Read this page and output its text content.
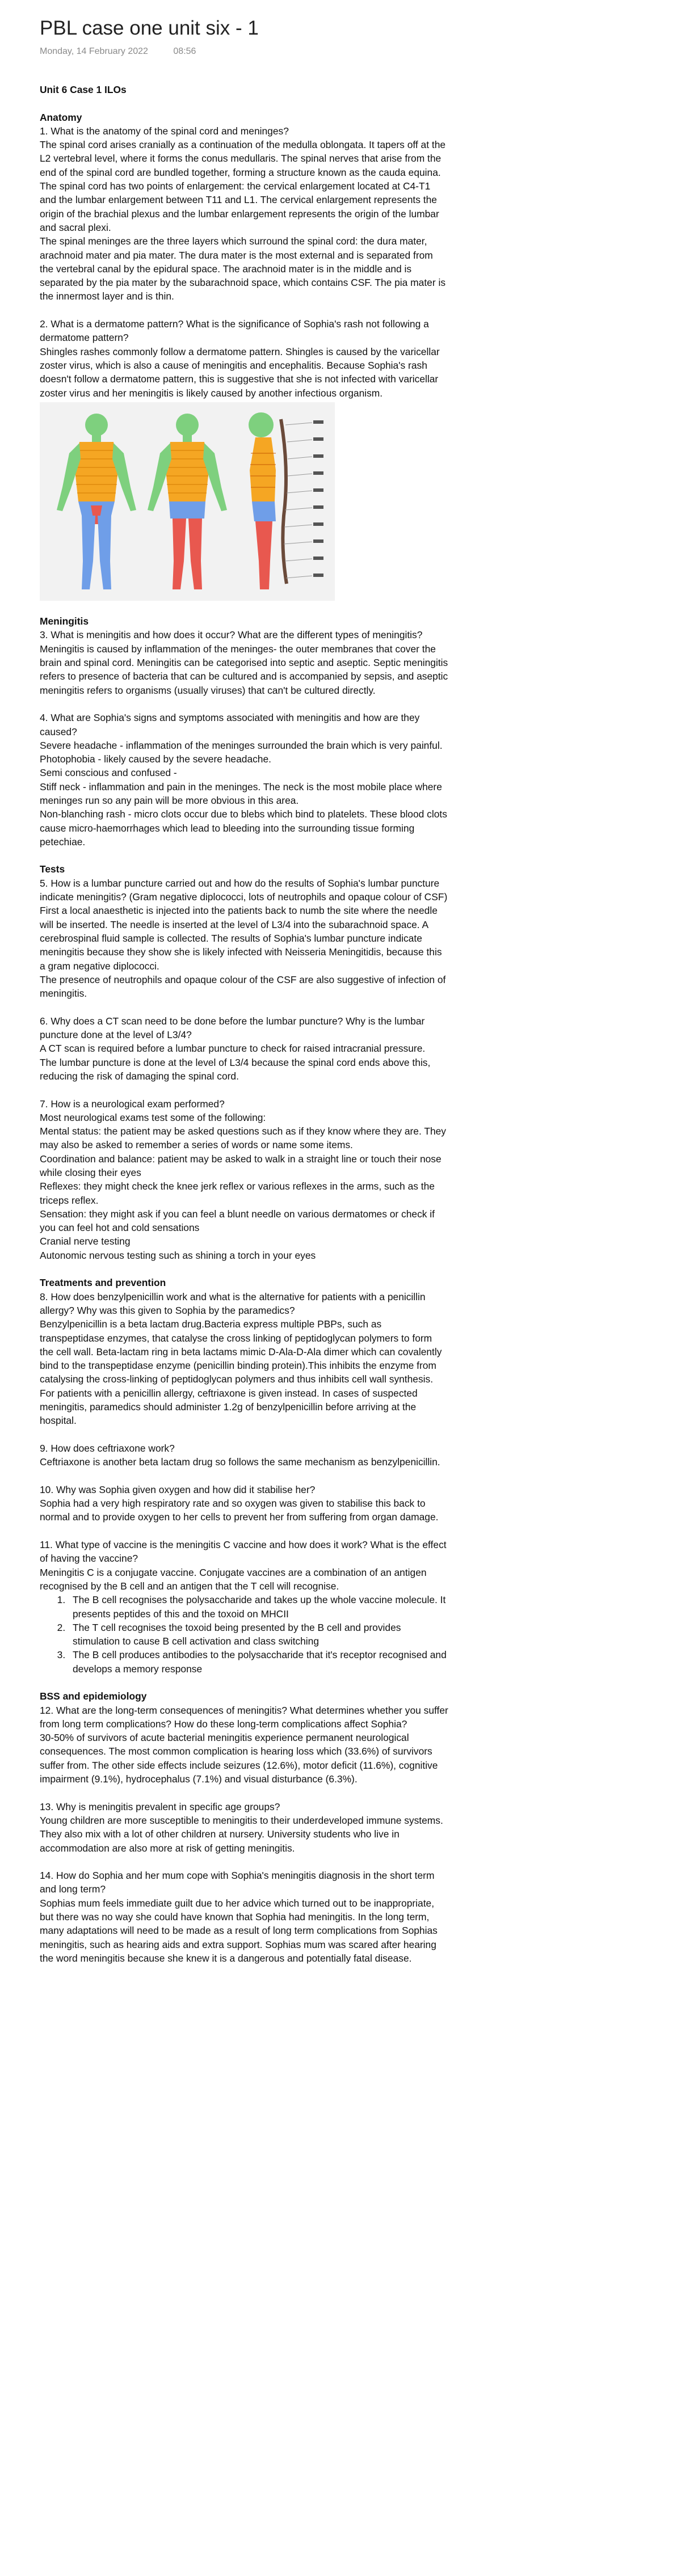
PBL case one unit six - 1
Monday, 14 February 2022	08:56

Unit 6 Case 1 ILOs

Anatomy

1. What is the anatomy of the spinal cord and meninges?

The spinal cord arises cranially as a continuation of the medulla oblongata. It tapers off at the L2 vertebral level, where it forms the conus medullaris. The spinal nerves that arise from the end of the spinal cord are bundled together, forming a structure known as the cauda equina. The spinal cord has two points of enlargement: the cervical enlargement located at C4-T1 and the lumbar enlargement between T11 and L1. The cervical enlargement represents the origin of the brachial plexus and the lumbar enlargement represents the origin of the lumbar and sacral plexi.

The spinal meninges are the three layers which surround the spinal cord: the dura mater, arachnoid mater and pia mater. The dura mater is the most external and is separated from the vertebral canal by the epidural space. The arachnoid mater is in the middle and is separated by the pia mater by the subarachnoid space, which contains CSF. The pia mater is the innermost layer and is thin.

2. What is a dermatome pattern? What is the significance of Sophia's rash not following a dermatome pattern?

Shingles rashes commonly follow a dermatome pattern. Shingles is caused by the varicellar zoster virus, which is also a cause of meningitis and encephalitis. Because Sophia's rash doesn't follow a dermatome pattern, this is suggestive that she is not infected with varicellar zoster virus and her meningitis is likely caused by another infectious organism.

Meningitis

3. What is meningitis and how does it occur? What are the different types of meningitis?

Meningitis is caused by inflammation of the meninges- the outer membranes that cover the brain and spinal cord. Meningitis can be categorised into septic and aseptic. Septic meningitis refers to presence of bacteria that can be cultured and is accompanied by sepsis, and aseptic meningitis refers to organisms (usually viruses) that can't be cultured directly.

4. What are Sophia's signs and symptoms associated with meningitis and how are they caused?

Severe headache - inflammation of the meninges surrounded the brain which is very painful.

Photophobia - likely caused by the severe headache.

Semi conscious and confused -

Stiff neck - inflammation and pain in the meninges. The neck is the most mobile place where meninges run so any pain will be more obvious in this area.

Non-blanching rash - micro clots occur due to blebs which bind to platelets. These blood clots cause micro-haemorrhages which lead to bleeding into the surrounding tissue forming petechiae.

Tests

5. How is a lumbar puncture carried out and how do the results of Sophia's lumbar puncture indicate meningitis? (Gram negative diplococci, lots of neutrophils and opaque colour of CSF)

First a local anaesthetic is injected into the patients back to numb the site where the needle will be inserted. The needle is inserted at the level of L3/4 into the subarachnoid space. A cerebrospinal fluid sample is collected. The results of Sophia's lumbar puncture indicate meningitis because they show she is likely infected with Neisseria Meningitidis, because this a gram negative diplococci.

The presence of neutrophils and opaque colour of the CSF are also suggestive of infection of meningitis.

6. Why does a CT scan need to be done before the lumbar puncture? Why is the lumbar puncture done at the level of L3/4?

A CT scan is required before a lumbar puncture to check for raised intracranial pressure.

The lumbar puncture is done at the level of L3/4 because the spinal cord ends above this, reducing the risk of damaging the spinal cord.

7. How is a neurological exam performed?

Most neurological exams test some of the following:

Mental status: the patient may be asked questions such as if they know where they are. They may also be asked to remember a series of words or name some items.

Coordination and balance: patient may be asked to walk in a straight line or touch their nose while closing their eyes

Reflexes: they might check the knee jerk reflex or various reflexes in the arms, such as the triceps reflex.

Sensation: they might ask if you can feel a blunt needle on various dermatomes or check if you can feel hot and cold sensations

Cranial nerve testing

Autonomic nervous testing such as shining a torch in your eyes

Treatments and prevention

8. How does benzylpenicillin work and what is the alternative for patients with a penicillin allergy? Why was this given to Sophia by the paramedics?

Benzylpenicillin is a beta lactam drug.Bacteria express multiple PBPs, such as transpeptidase enzymes, that catalyse the cross linking of peptidoglycan polymers to form the cell wall. Beta-lactam ring in beta lactams mimic D-Ala-D-Ala dimer which can covalently bind to the transpeptidase enzyme (penicillin binding protein).This inhibits the enzyme from catalysing the cross-linking of peptidoglycan polymers and thus inhibits cell wall synthesis. For patients with a penicillin allergy, ceftriaxone is given instead. In cases of suspected meningitis, paramedics should administer 1.2g of benzylpenicillin before arriving at the hospital.

9. How does ceftriaxone work?

Ceftriaxone is another beta lactam drug so follows the same mechanism as benzylpenicillin.

10. Why was Sophia given oxygen and how did it stabilise her?

Sophia had a very high respiratory rate and so oxygen was given to stabilise this back to normal and to provide oxygen to her cells to prevent her from suffering from organ damage.

11. What type of vaccine is the meningitis C vaccine and how does it work? What is the effect of having the vaccine?

Meningitis C is a conjugate vaccine. Conjugate vaccines are a combination of an antigen recognised by the B cell and an antigen that the T cell will recognise.

1. The B cell recognises the polysaccharide and takes up the whole vaccine molecule. It presents peptides of this and the toxoid on MHCII
2. The T cell recognises the toxoid being presented by the B cell and provides stimulation to cause B cell activation and class switching
3. The B cell produces antibodies to the polysaccharide that it's receptor recognised and develops a memory response

BSS and epidemiology

12. What are the long-term consequences of meningitis? What determines whether you suffer from long term complications? How do these long-term complications affect Sophia?

30-50% of survivors of acute bacterial meningitis experience permanent neurological consequences. The most common complication is hearing loss which (33.6%) of survivors suffer from. The other side effects include seizures (12.6%), motor deficit (11.6%), cognitive impairment (9.1%), hydrocephalus (7.1%) and visual disturbance (6.3%).

13. Why is meningitis prevalent in specific age groups?

Young children are more susceptible to meningitis to their underdeveloped immune systems. They also mix with a lot of other children at nursery. University students who live in accommodation are also more at risk of getting meningitis.

14. How do Sophia and her mum cope with Sophia's meningitis diagnosis in the short term and long term?

Sophias mum feels immediate guilt due to her advice which turned out to be inappropriate, but there was no way she could have known that Sophia had meningitis. In the long term, many adaptations will need to be made as a result of long term complications from Sophias meningitis, such as hearing aids and extra support. Sophias mum was scared after hearing the word meningitis because she knew it is a dangerous and potentially fatal disease.
